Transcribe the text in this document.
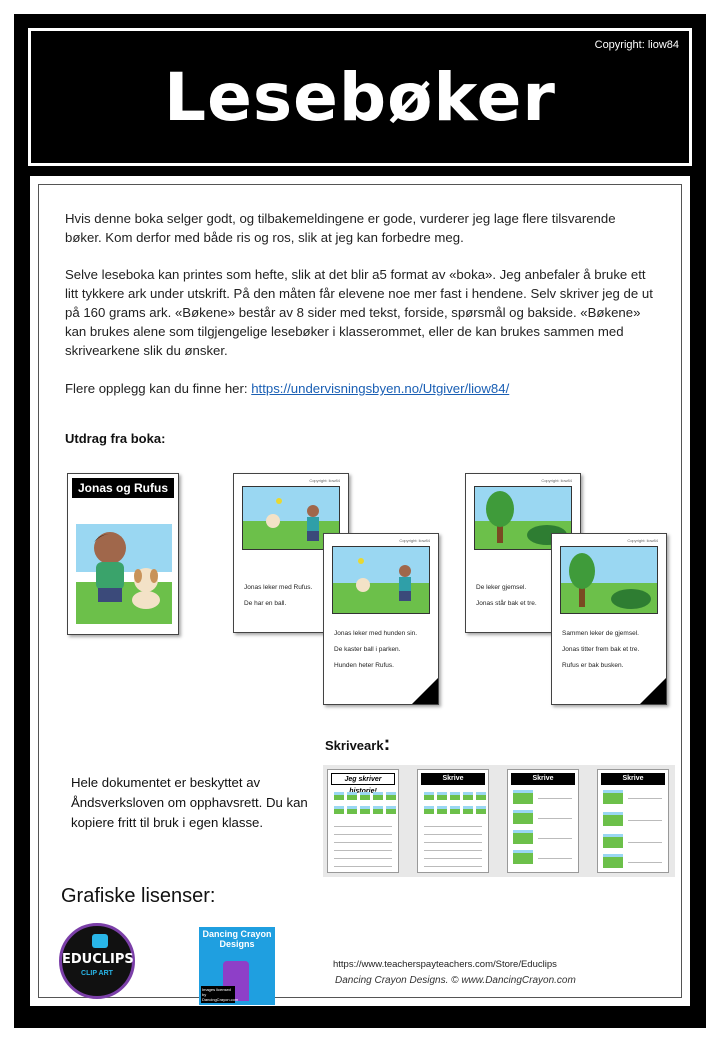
Copyright: liow84
Lesebøker

Hvis denne boka selger godt, og tilbakemeldingene er gode, vurderer jeg lage flere tilsvarende bøker. Kom derfor med både ris og ros, slik at jeg kan forbedre meg.

Selve leseboka kan printes som hefte, slik at det blir a5 format av «boka». Jeg anbefaler å bruke ett litt tykkere ark under utskrift. På den måten får elevene noe mer fast i hendene. Selv skriver jeg de ut på 160 grams ark. «Bøkene» består av 8 sider med tekst, forside, spørsmål og bakside. «Bøkene» kan brukes alene som tilgjengelige lesebøker i klasserommet, eller de kan brukes sammen med skrivearkene slik du ønsker.

Flere opplegg kan du finne her: https://undervisningsbyen.no/Utgiver/liow84/

Utdrag fra boka:
Jonas og Rufus
Copyright: liow84
Jonas leker med Rufus.
De har en ball.
Copyright: liow84
Jonas leker med hunden sin.
De kaster ball i parken.
Hunden heter Rufus.
1
Copyright: liow84
De leker gjemsel.
Jonas står bak et tre.
Copyright: liow84
Sammen leker de gjemsel.
Jonas titter frem bak et tre.
Rufus er bak busken.
2
Skriveark:
Hele dokumentet er beskyttet av Åndsverksloven om opphavsrett. Du kan kopiere fritt til bruk i egen klasse.
Jeg skriver	Skrive	Skrive	Skrive
Grafiske lisenser:
EDUCLIPS
CLIP ART
Dancing Crayon Designs
Images licensed by DancingCrayon.com
https://www.teacherspayteachers.com/Store/Educlips
Dancing Crayon Designs. © www.DancingCrayon.com
